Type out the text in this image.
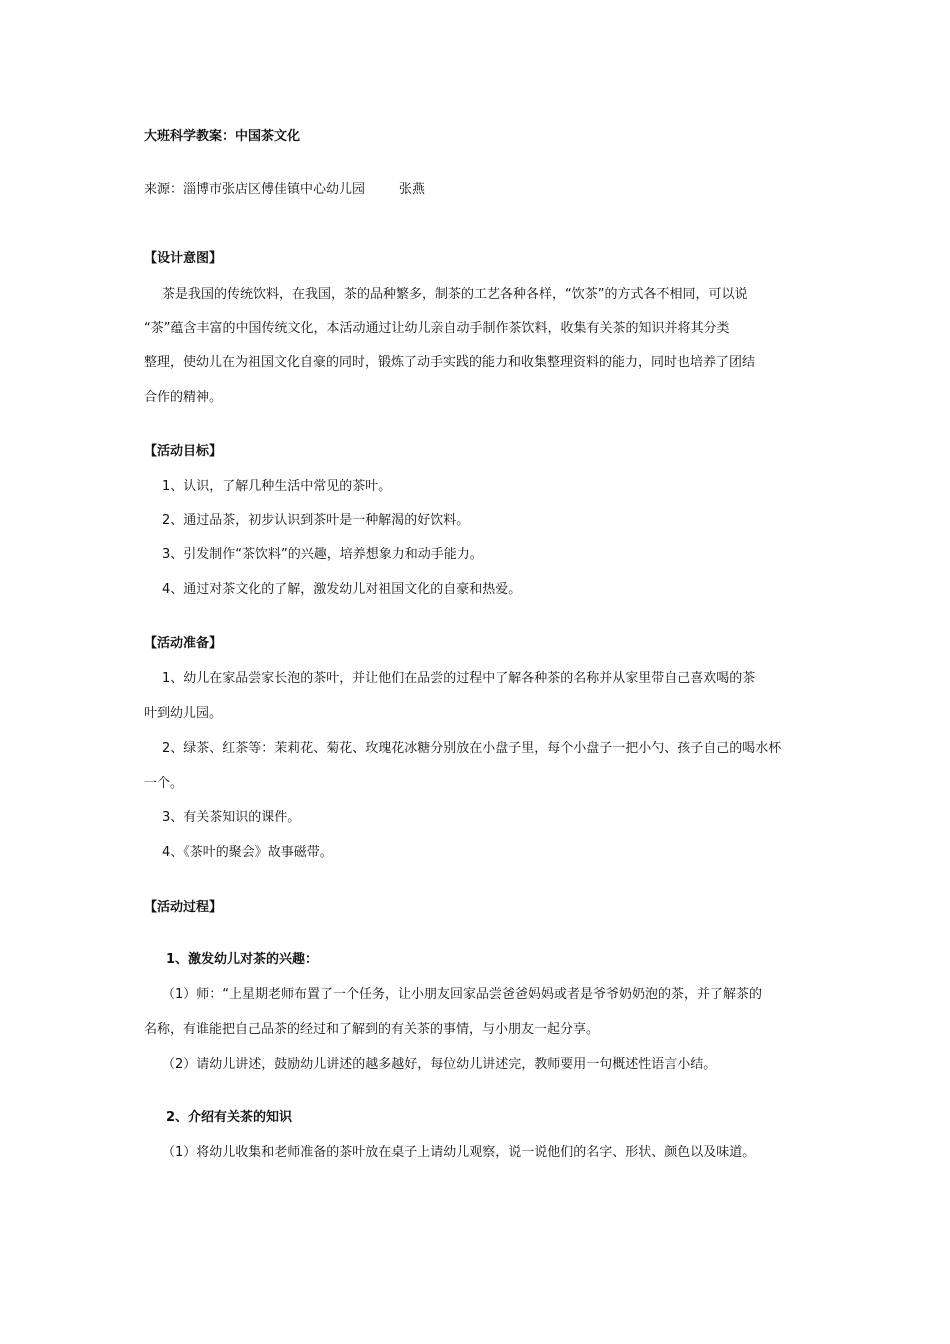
大班科学教案：中国茶文化
来源：淄博市张店区傅佳镇中心幼儿园	张燕
【设计意图】
茶是我国的传统饮料，在我国，茶的品种繁多，制茶的工艺各种各样，“饮茶”的方式各不相同，可以说
“茶”蕴含丰富的中国传统文化，本活动通过让幼儿亲自动手制作茶饮料，收集有关茶的知识并将其分类
整理，使幼儿在为祖国文化自豪的同时，锻炼了动手实践的能力和收集整理资料的能力，同时也培养了团结
合作的精神。
【活动目标】
1、认识，了解几种生活中常见的茶叶。
2、通过品茶，初步认识到茶叶是一种解渴的好饮料。
3、引发制作“茶饮料”的兴趣，培养想象力和动手能力。
4、通过对茶文化的了解，激发幼儿对祖国文化的自豪和热爱。
【活动准备】
1、幼儿在家品尝家长泡的茶叶，并让他们在品尝的过程中了解各种茶的名称并从家里带自己喜欢喝的茶
叶到幼儿园。
2、绿茶、红茶等：茉莉花、菊花、玫瑰花冰糖分别放在小盘子里，每个小盘子一把小勺、孩子自己的喝水杯
一个。
3、有关茶知识的课件。
4、《茶叶的聚会》故事磁带。
【活动过程】
1、激发幼儿对茶的兴趣：
（1）师：“上星期老师布置了一个任务，让小朋友回家品尝爸爸妈妈或者是爷爷奶奶泡的茶，并了解茶的
名称，有谁能把自己品茶的经过和了解到的有关茶的事情，与小朋友一起分享。
（2）请幼儿讲述，鼓励幼儿讲述的越多越好，每位幼儿讲述完，教师要用一句概述性语言小结。
2、介绍有关茶的知识
（1）将幼儿收集和老师准备的茶叶放在桌子上请幼儿观察，说一说他们的名字、形状、颜色以及味道。
